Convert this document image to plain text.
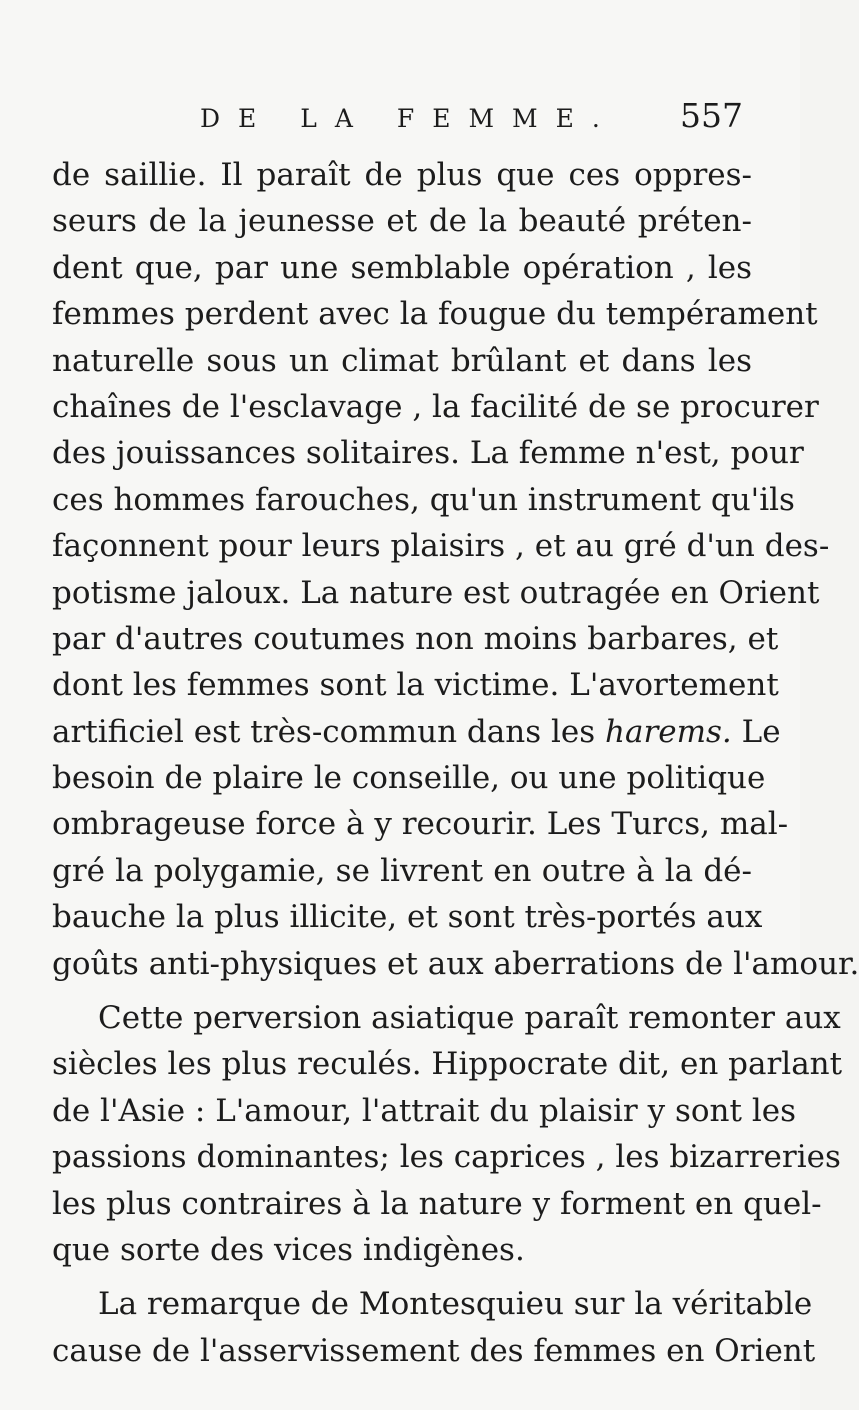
DE LA FEMME. 557
de saillie. Il paraît de plus que ces oppres-
seurs de la jeunesse et de la beauté préten-
dent que, par une semblable opération , les
femmes perdent avec la fougue du tempérament
naturelle sous un climat brûlant et dans les
chaînes de l'esclavage , la facilité de se procurer
des jouissances solitaires. La femme n'est, pour
ces hommes farouches, qu'un instrument qu'ils
façonnent pour leurs plaisirs , et au gré d'un des-
potisme jaloux. La nature est outragée en Orient
par d'autres coutumes non moins barbares, et
dont les femmes sont la victime. L'avortement
artificiel est très-commun dans les harems. Le
besoin de plaire le conseille, ou une politique
ombrageuse force à y recourir. Les Turcs, mal-
gré la polygamie, se livrent en outre à la dé-
bauche la plus illicite, et sont très-portés aux
goûts anti-physiques et aux aberrations de l'amour.
Cette perversion asiatique paraît remonter aux
siècles les plus reculés. Hippocrate dit, en parlant
de l'Asie : L'amour, l'attrait du plaisir y sont les
passions dominantes; les caprices , les bizarreries
les plus contraires à la nature y forment en quel-
que sorte des vices indigènes.
La remarque de Montesquieu sur la véritable
cause de l'asservissement des femmes en Orient
